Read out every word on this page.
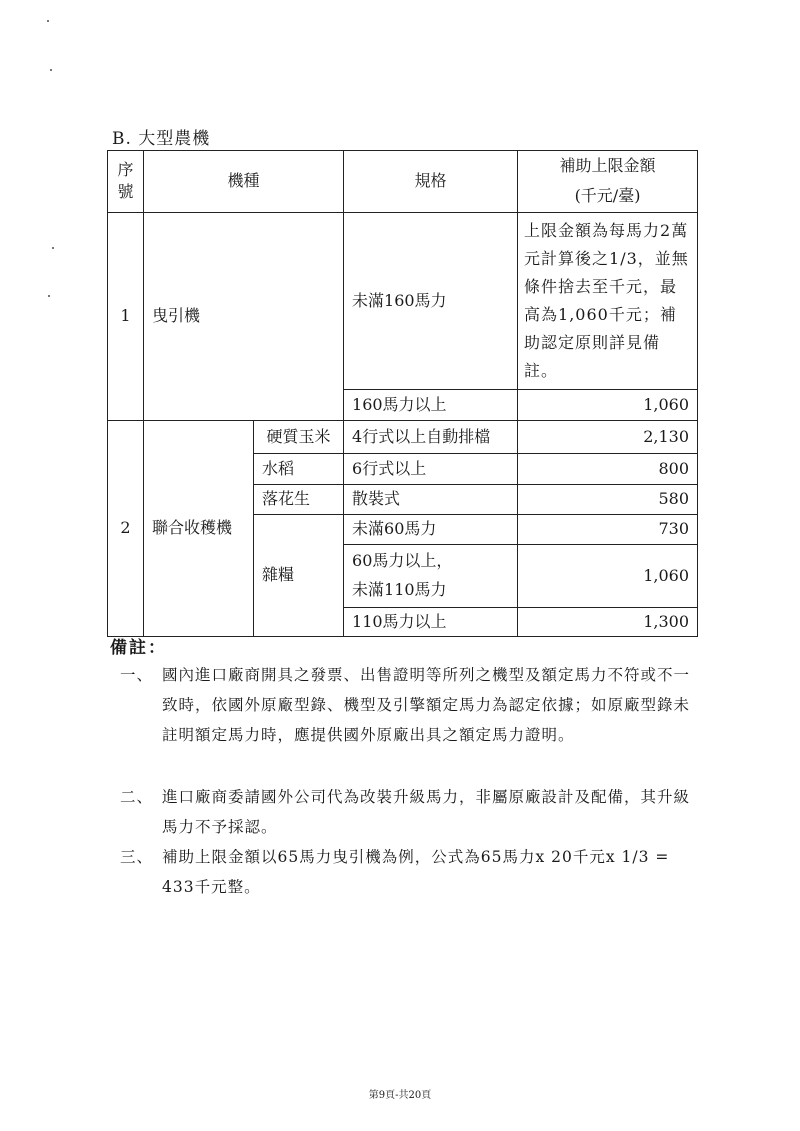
B. 大型農機
序號	機種		規格	補助上限金額
(千元/臺)

1	曳引機		未滿160馬力	上限金額為每馬力2萬元計算後之1/3，並無條件捨去至千元，最高為1,060千元；補助認定原則詳見備註。
			160馬力以上	1,060
2	聯合收穫機	硬質玉米	4行式以上自動排檔	2,130
		水稻	6行式以上	800
		落花生	散裝式	580
		雜糧	未滿60馬力	730

			60馬力以上，
未滿110馬力	1,060
			110馬力以上	1,300
備註：
一、 國內進口廠商開具之發票、出售證明等所列之機型及額定馬力不符或不一致時，依國外原廠型錄、機型及引擎額定馬力為認定依據；如原廠型錄未註明額定馬力時，應提供國外原廠出具之額定馬力證明。
二、 進口廠商委請國外公司代為改裝升級馬力，非屬原廠設計及配備，其升級馬力不予採認。
三、 補助上限金額以65馬力曳引機為例，公式為65馬力x 20千元x 1/3 = 433千元整。
第9頁-共20頁
